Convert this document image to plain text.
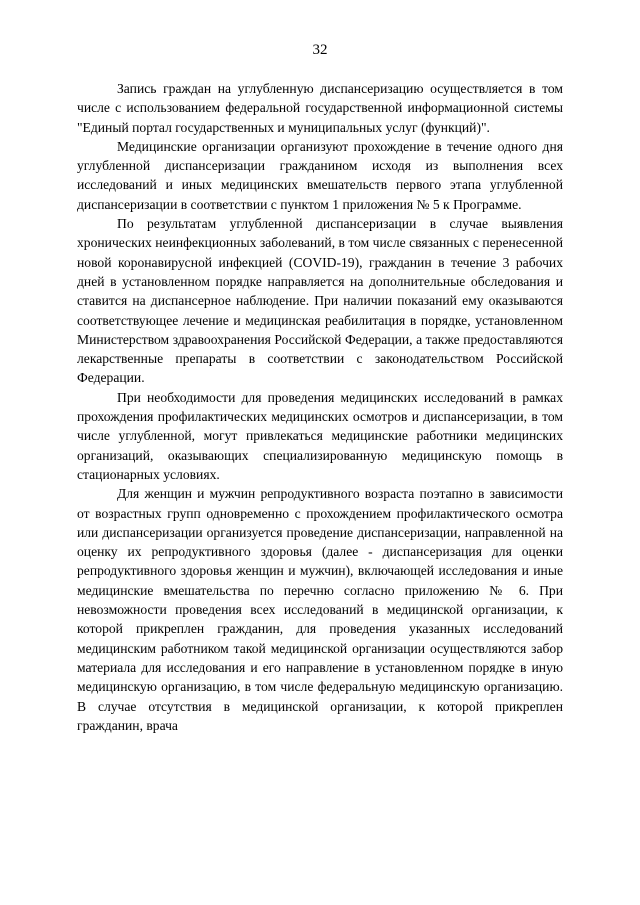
32

Запись граждан на углубленную диспансеризацию осуществляется в том числе с использованием федеральной государственной информационной системы "Единый портал государственных и муниципальных услуг (функций)".

Медицинские организации организуют прохождение в течение одного дня углубленной диспансеризации гражданином исходя из выполнения всех исследований и иных медицинских вмешательств первого этапа углубленной диспансеризации в соответствии с пунктом 1 приложения № 5 к Программе.

По результатам углубленной диспансеризации в случае выявления хронических неинфекционных заболеваний, в том числе связанных с перенесенной новой коронавирусной инфекцией (COVID-19), гражданин в течение 3 рабочих дней в установленном порядке направляется на дополнительные обследования и ставится на диспансерное наблюдение. При наличии показаний ему оказываются соответствующее лечение и медицинская реабилитация в порядке, установленном Министерством здравоохранения Российской Федерации, а также предоставляются лекарственные препараты в соответствии с законодательством Российской Федерации.

При необходимости для проведения медицинских исследований в рамках прохождения профилактических медицинских осмотров и диспансеризации, в том числе углубленной, могут привлекаться медицинские работники медицинских организаций, оказывающих специализированную медицинскую помощь в стационарных условиях.

Для женщин и мужчин репродуктивного возраста поэтапно в зависимости от возрастных групп одновременно с прохождением профилактического осмотра или диспансеризации организуется проведение диспансеризации, направленной на оценку их репродуктивного здоровья (далее - диспансеризация для оценки репродуктивного здоровья женщин и мужчин), включающей исследования и иные медицинские вмешательства по перечню согласно приложению № 6. При невозможности проведения всех исследований в медицинской организации, к которой прикреплен гражданин, для проведения указанных исследований медицинским работником такой медицинской организации осуществляются забор материала для исследования и его направление в установленном порядке в иную медицинскую организацию, в том числе федеральную медицинскую организацию. В случае отсутствия в медицинской организации, к которой прикреплен гражданин, врача
